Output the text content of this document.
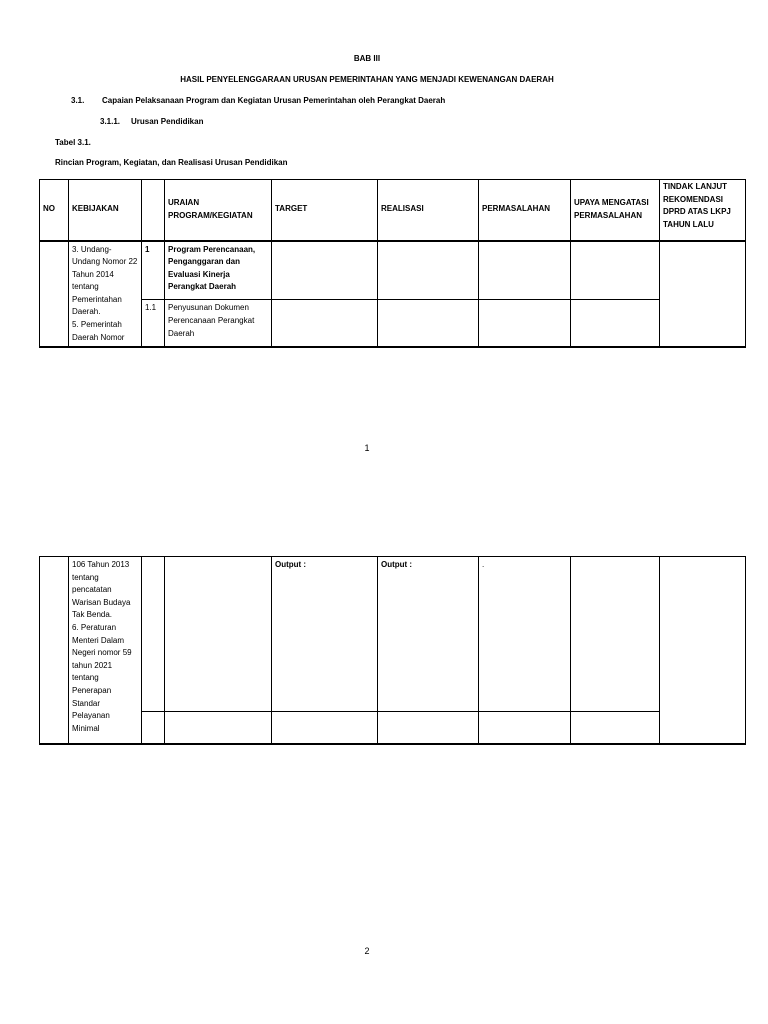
BAB III
HASIL PENYELENGGARAAN URUSAN PEMERINTAHAN YANG MENJADI KEWENANGAN DAERAH
3.1. Capaian Pelaksanaan Program dan Kegiatan Urusan Pemerintahan oleh Perangkat Daerah
3.1.1. Urusan Pendidikan
Tabel 3.1.
Rincian Program, Kegiatan, dan Realisasi Urusan Pendidikan
NO	KEBIJAKAN		URAIAN PROGRAM/KEGIATAN	TARGET	REALISASI	PERMASALAHAN	UPAYA MENGATASI PERMASALAHAN	TINDAK LANJUT REKOMENDASI DPRD ATAS LKPJ TAHUN LALU
	3. Undang-Undang Nomor 22 Tahun 2014 tentang Pemerintahan Daerah.
5. Pemerintah Daerah Nomor	1	Program Perencanaan, Penganggaran dan Evaluasi Kinerja Perangkat Daerah					
		1.1	Penyusunan Dokumen Perencanaan Perangkat Daerah					
1
	106 Tahun 2013 tentang pencatatan Warisan Budaya Tak Benda.
6. Peraturan Menteri Dalam Negeri nomor 59 tahun 2021 tentang Penerapan Standar Pelayanan Minimal			Output :	Output :	.		

2
